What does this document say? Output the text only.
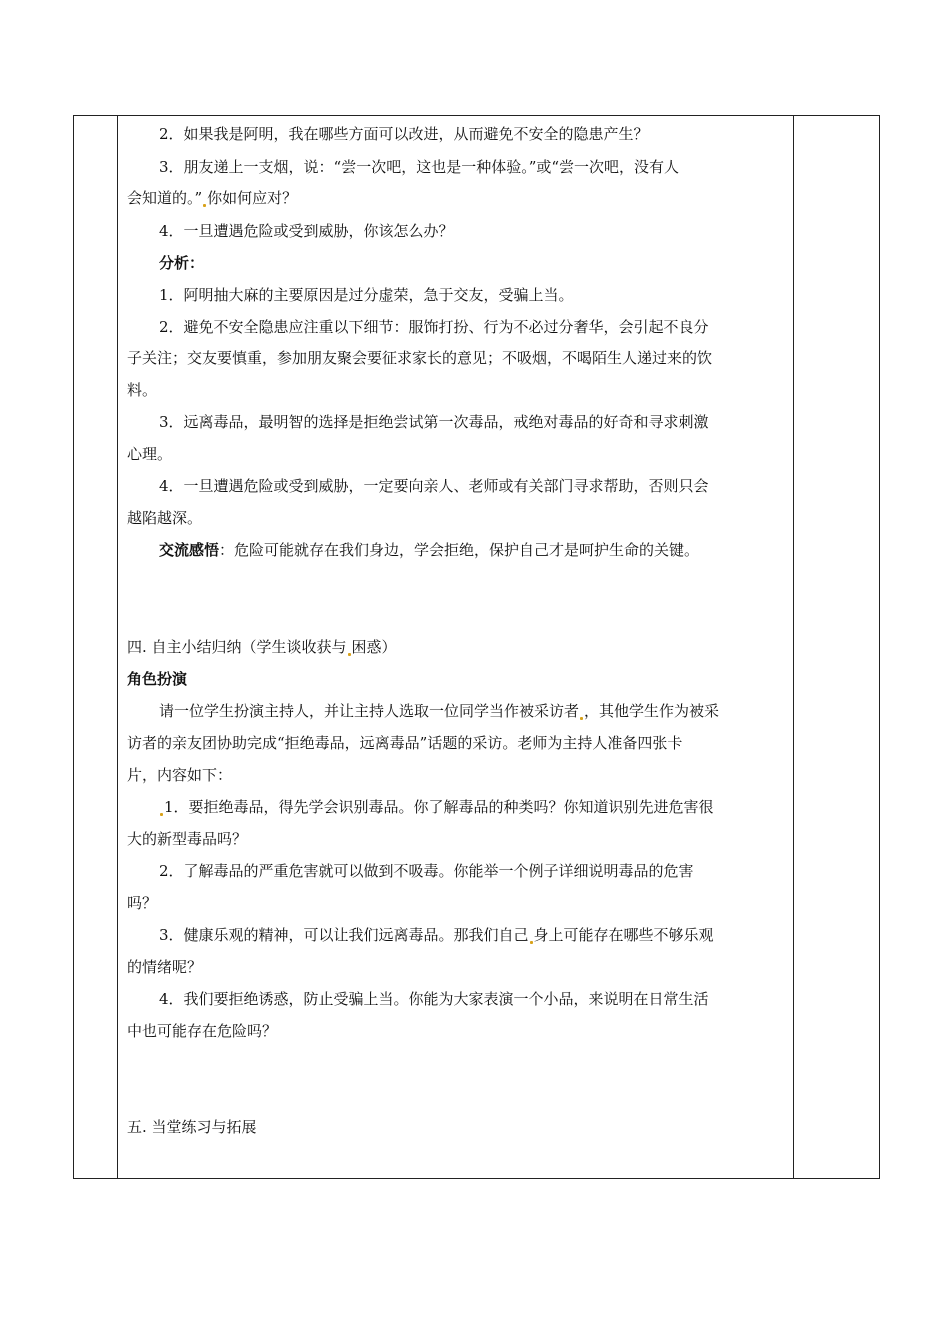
2．如果我是阿明，我在哪些方面可以改进，从而避免不安全的隐患产生？
3．朋友递上一支烟，说：“尝一次吧，这也是一种体验。”或“尝一次吧，没有人
会知道的。” 你如何应对？
4．一旦遭遇危险或受到威胁，你该怎么办？
分析：
1．阿明抽大麻的主要原因是过分虚荣，急于交友，受骗上当。
2．避免不安全隐患应注重以下细节：服饰打扮、行为不必过分奢华，会引起不良分
子关注；交友要慎重，参加朋友聚会要征求家长的意见；不吸烟，不喝陌生人递过来的饮
料。
3．远离毒品，最明智的选择是拒绝尝试第一次毒品，戒绝对毒品的好奇和寻求刺激
心理。
4．一旦遭遇危险或受到威胁，一定要向亲人、老师或有关部门寻求帮助，否则只会
越陷越深。
交流感悟：危险可能就存在我们身边，学会拒绝，保护自己才是呵护生命的关键。
四. 自主小结归纳（学生谈收获与 困惑）
角色扮演
请一位学生扮演主持人，并让主持人选取一位同学当作被采访者 ，其他学生作为被采
访者的亲友团协助完成“拒绝毒品，远离毒品”话题的采访。老师为主持人准备四张卡
片，内容如下：
1．要拒绝毒品，得先学会识别毒品。你了解毒品的种类吗？你知道识别先进危害很
大的新型毒品吗？
2．了解毒品的严重危害就可以做到不吸毒。你能举一个例子详细说明毒品的危害
吗？
3．健康乐观的精神，可以让我们远离毒品。那我们自己 身上可能存在哪些不够乐观
的情绪呢？
4．我们要拒绝诱惑，防止受骗上当。你能为大家表演一个小品，来说明在日常生活
中也可能存在危险吗？
五. 当堂练习与拓展
